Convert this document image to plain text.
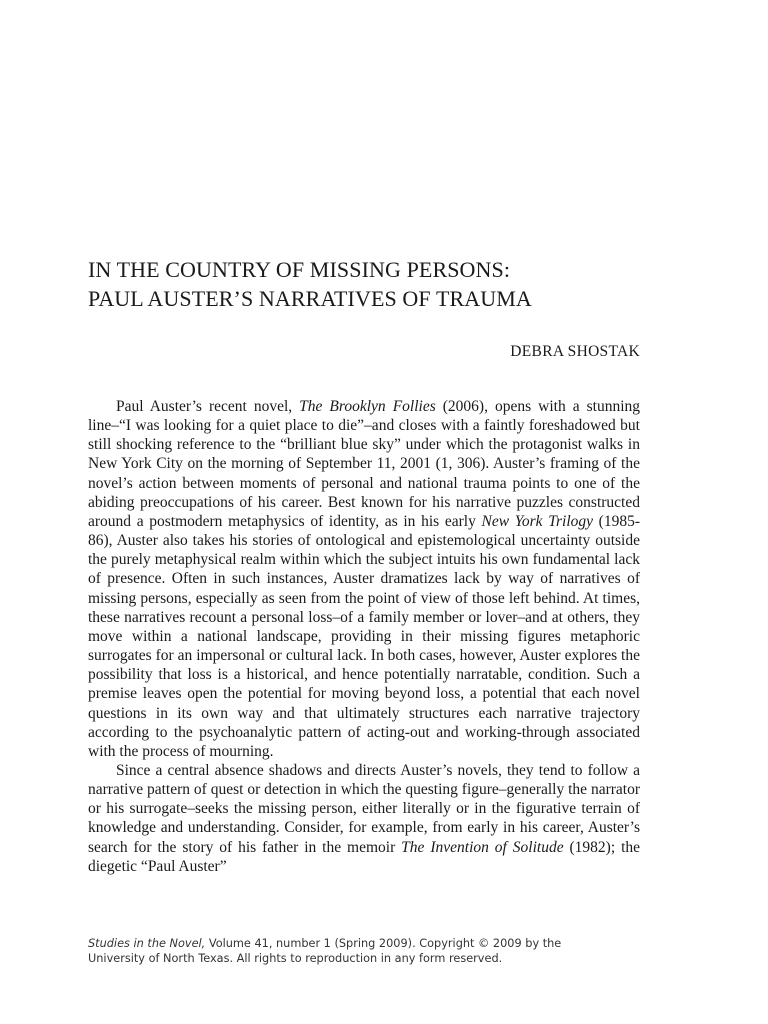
IN THE COUNTRY OF MISSING PERSONS:
PAUL AUSTER’S NARRATIVES OF TRAUMA

DEBRA SHOSTAK

Paul Auster’s recent novel, The Brooklyn Follies (2006), opens with a stunning line–“I was looking for a quiet place to die”–and closes with a faintly foreshadowed but still shocking reference to the “brilliant blue sky” under which the protagonist walks in New York City on the morning of September 11, 2001 (1, 306). Auster’s framing of the novel’s action between moments of personal and national trauma points to one of the abiding preoccupations of his career. Best known for his narrative puzzles constructed around a postmodern metaphysics of identity, as in his early New York Trilogy (1985-86), Auster also takes his stories of ontological and epistemological uncertainty outside the purely metaphysical realm within which the subject intuits his own fundamental lack of presence. Often in such instances, Auster dramatizes lack by way of narratives of missing persons, especially as seen from the point of view of those left behind. At times, these narratives recount a personal loss–of a family member or lover–and at others, they move within a national landscape, providing in their missing figures metaphoric surrogates for an impersonal or cultural lack. In both cases, however, Auster explores the possibility that loss is a historical, and hence potentially narratable, condition. Such a premise leaves open the potential for moving beyond loss, a potential that each novel questions in its own way and that ultimately structures each narrative trajectory according to the psychoanalytic pattern of acting-out and working-through associated with the process of mourning.

Since a central absence shadows and directs Auster’s novels, they tend to follow a narrative pattern of quest or detection in which the questing figure–generally the narrator or his surrogate–seeks the missing person, either literally or in the figurative terrain of knowledge and understanding. Consider, for example, from early in his career, Auster’s search for the story of his father in the memoir The Invention of Solitude (1982); the diegetic “Paul Auster”

Studies in the Novel, Volume 41, number 1 (Spring 2009). Copyright © 2009 by the
University of North Texas. All rights to reproduction in any form reserved.
